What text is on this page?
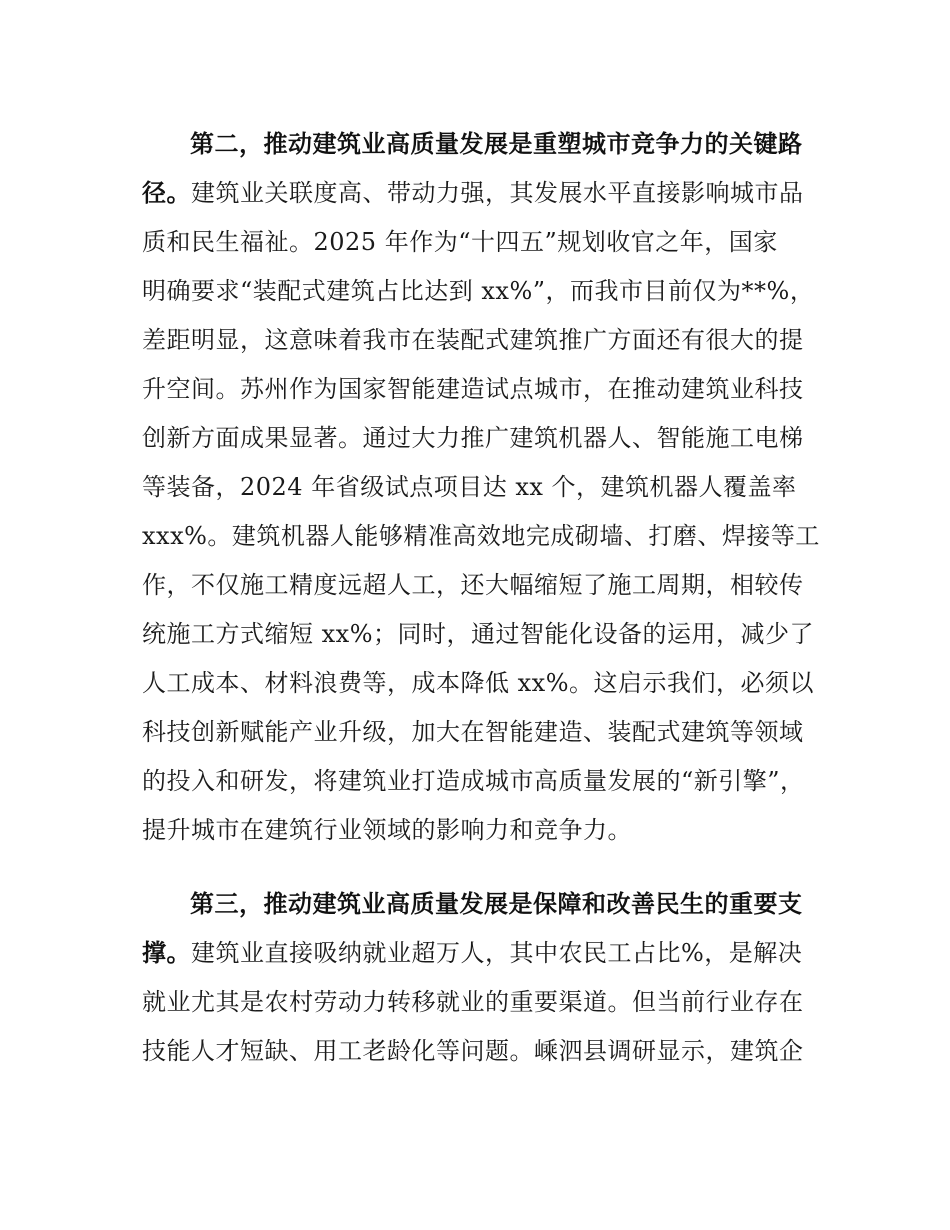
第二，推动建筑业高质量发展是重塑城市竞争力的关键路
径。建筑业关联度高、带动力强，其发展水平直接影响城市品
质和民生福祉。2025 年作为“十四五”规划收官之年，国家
明确要求“装配式建筑占比达到 xx%”，而我市目前仅为**%，
差距明显，这意味着我市在装配式建筑推广方面还有很大的提
升空间。苏州作为国家智能建造试点城市，在推动建筑业科技
创新方面成果显著。通过大力推广建筑机器人、智能施工电梯
等装备，2024 年省级试点项目达 xx 个，建筑机器人覆盖率
xxx%。建筑机器人能够精准高效地完成砌墙、打磨、焊接等工
作，不仅施工精度远超人工，还大幅缩短了施工周期，相较传
统施工方式缩短 xx%；同时，通过智能化设备的运用，减少了
人工成本、材料浪费等，成本降低 xx%。这启示我们，必须以
科技创新赋能产业升级，加大在智能建造、装配式建筑等领域
的投入和研发，将建筑业打造成城市高质量发展的“新引擎”，
提升城市在建筑行业领域的影响力和竞争力。
第三，推动建筑业高质量发展是保障和改善民生的重要支
撑。建筑业直接吸纳就业超万人，其中农民工占比%，是解决
就业尤其是农村劳动力转移就业的重要渠道。但当前行业存在
技能人才短缺、用工老龄化等问题。嵊泗县调研显示，建筑企
